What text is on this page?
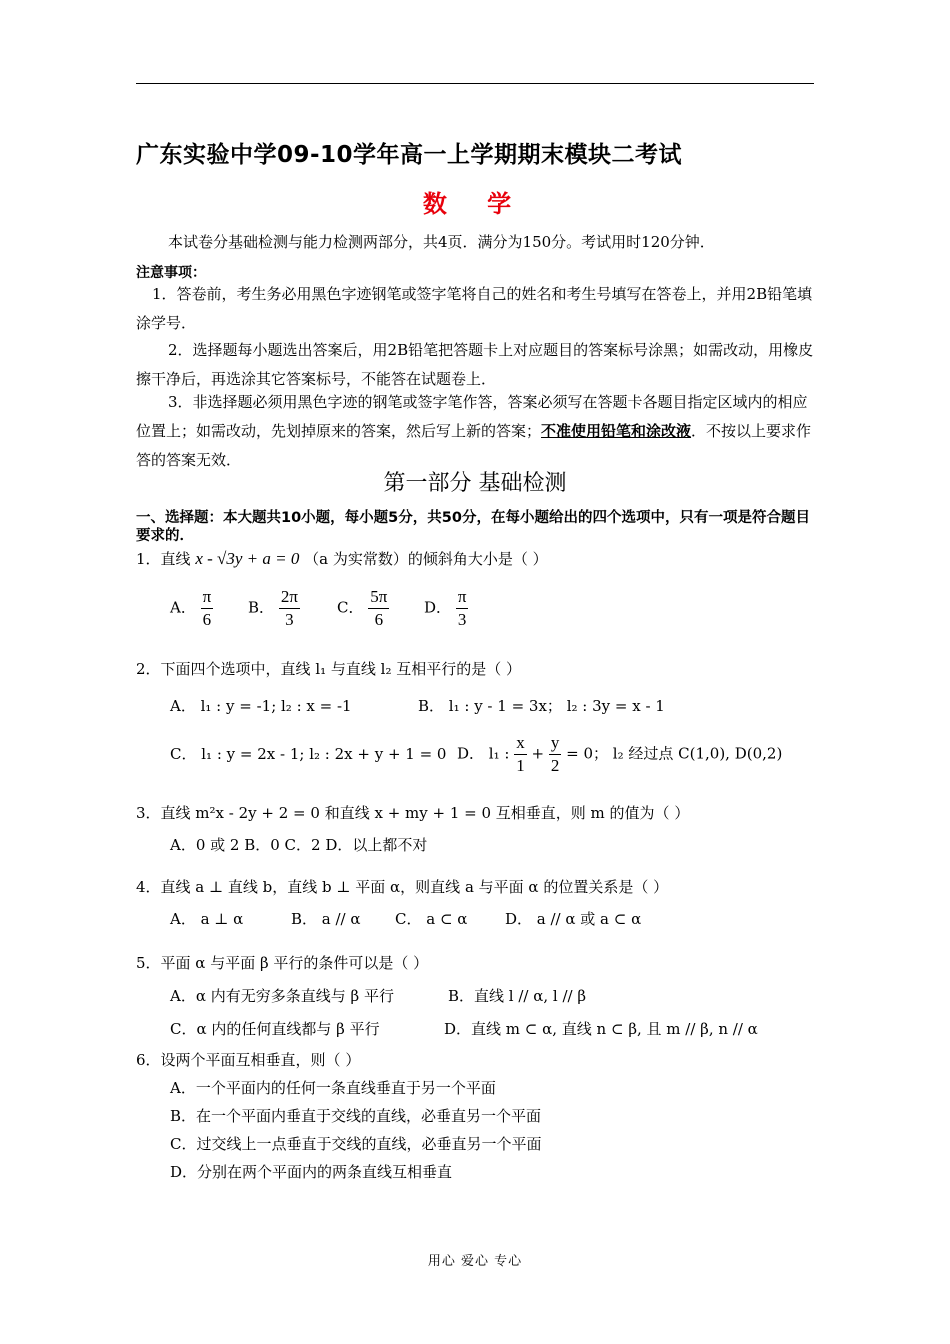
广东实验中学09-10学年高一上学期期末模块二考试
数 学
本试卷分基础检测与能力检测两部分，共4页．满分为150分。考试用时120分钟．
注意事项：
1．答卷前，考生务必用黑色字迹钢笔或签字笔将自己的姓名和考生号填写在答卷上，并用2B铅笔填涂学号．
2．选择题每小题选出答案后，用2B铅笔把答题卡上对应题目的答案标号涂黑；如需改动，用橡皮擦干净后，再选涂其它答案标号，不能答在试题卷上．
3．非选择题必须用黑色字迹的钢笔或签字笔作答，答案必须写在答题卡各题目指定区域内的相应位置上；如需改动，先划掉原来的答案，然后写上新的答案；不准使用铅笔和涂改液．不按以上要求作答的答案无效．
第一部分 基础检测
一、选择题：本大题共10小题，每小题5分，共50分，在每小题给出的四个选项中，只有一项是符合题目要求的．
1．直线 x - √3y + a = 0 （a 为实常数）的倾斜角大小是（ ）
A． $\frac{\pi}{6}$ B． $\frac{2\pi}{3}$ C． $\frac{5\pi}{6}$ D． $\frac{\pi}{3}$
2．下面四个选项中，直线 l₁ 与直线 l₂ 互相平行的是（ ）
A． l₁ : y = -1; l₂ : x = -1	B． l₁ : y - 1 = 3x； l₂ : 3y = x - 1
C． l₁ : y = 2x - 1; l₂ : 2x + y + 1 = 0 D． l₁ : $\frac{x}{1} + \frac{y}{2} = 0$； l₂ 经过点 C(1,0), D(0,2)
3．直线 m²x - 2y + 2 = 0 和直线 x + my + 1 = 0 互相垂直，则 m 的值为（ ）
A．0 或 2 B．0 C．2 D．以上都不对
4．直线 a ⊥ 直线 b，直线 b ⊥ 平面 α，则直线 a 与平面 α 的位置关系是（ ）
A． a ⊥ α	B． a // α C． a ⊂ α	D． a // α 或 a ⊂ α
5．平面 α 与平面 β 平行的条件可以是（ ）
A．α 内有无穷多条直线与 β 平行	B．直线 l // α, l // β
C．α 内的任何直线都与 β 平行	D．直线 m ⊂ α, 直线 n ⊂ β, 且 m // β, n // α
6．设两个平面互相垂直，则（ ）
A．一个平面内的任何一条直线垂直于另一个平面
B．在一个平面内垂直于交线的直线，必垂直另一个平面
C．过交线上一点垂直于交线的直线，必垂直另一个平面
D．分别在两个平面内的两条直线互相垂直
用心 爱心 专心
